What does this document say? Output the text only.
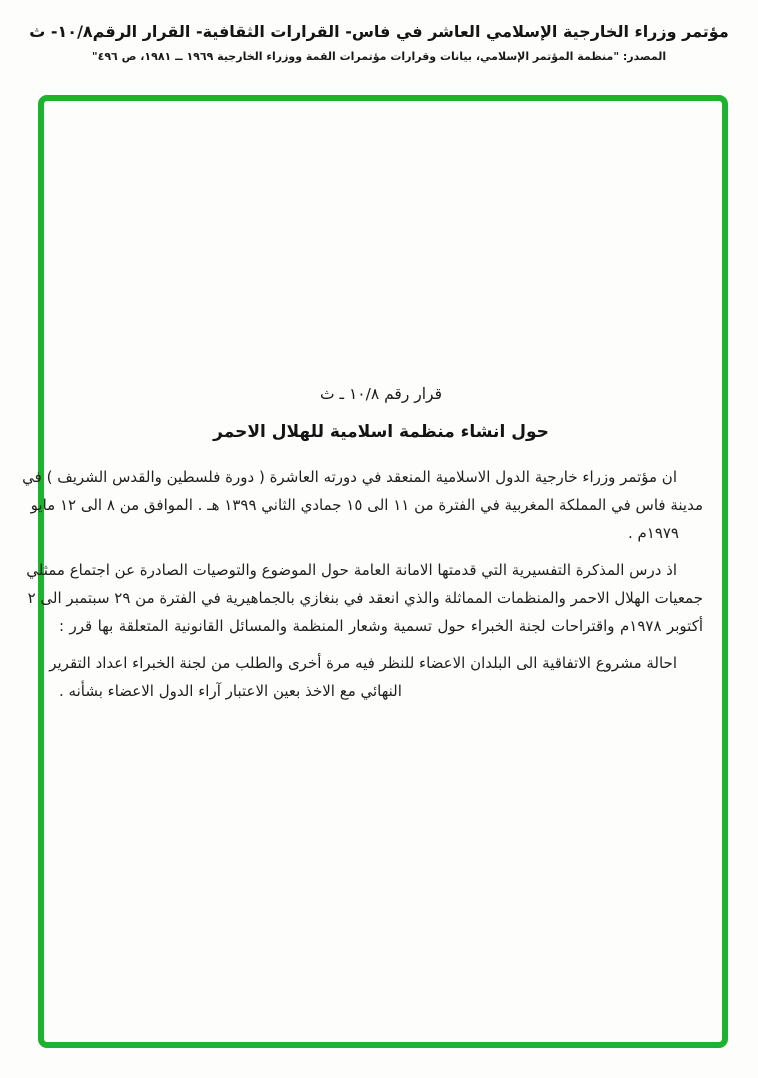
مؤتمر وزراء الخارجية الإسلامي العاشر في فاس- القرارات الثقافية- القرار الرقم١٠/٨- ث
المصدر: "منظمة المؤتمر الإسلامي، بيانات وقرارات مؤتمرات القمة ووزراء الخارجية ١٩٦٩ ــ ١٩٨١، ص ٤٩٦"
قرار رقم ١٠/٨ ـ ث
حول انشاء منظمة اسلامية للهلال الاحمر
ان مؤتمر وزراء خارجية الدول الاسلامية المنعقد في دورته العاشرة ( دورة فلسطين والقدس الشريف ) في
مدينة فاس في المملكة المغربية في الفترة من ١١ الى ١٥ جمادي الثاني ١٣٩٩ هـ . الموافق من ٨ الى ١٢ مايو
١٩٧٩م .
اذ درس المذكرة التفسيرية التي قدمتها الامانة العامة حول الموضوع والتوصيات الصادرة عن اجتماع ممثلي
جمعيات الهلال الاحمر والمنظمات المماثلة والذي انعقد في بنغازي بالجماهيرية في الفترة من ٢٩ سبتمبر الى ٢
أكتوبر ١٩٧٨م واقتراحات لجنة الخبراء حول تسمية وشعار المنظمة والمسائل القانونية المتعلقة بها قرر :
احالة مشروع الاتفاقية الى البلدان الاعضاء للنظر فيه مرة أخرى والطلب من لجنة الخبراء اعداد التقرير
النهائي مع الاخذ بعين الاعتبار آراء الدول الاعضاء بشأنه .
